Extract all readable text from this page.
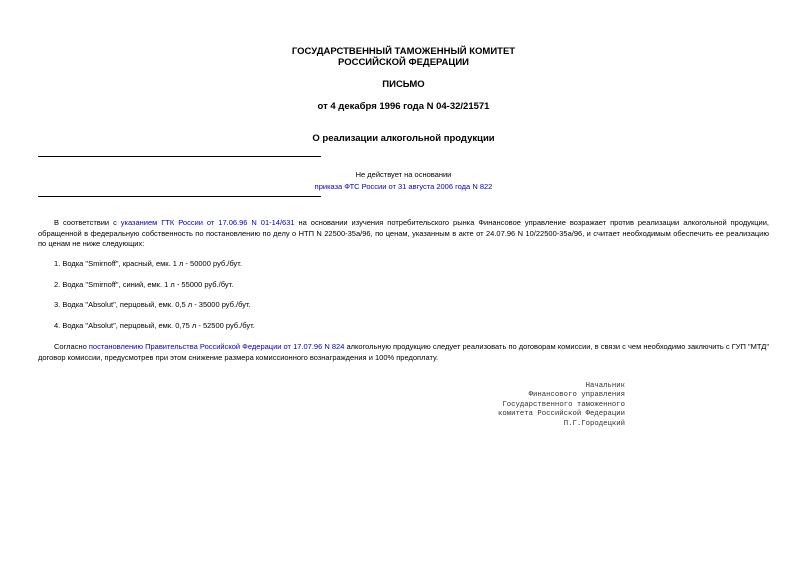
ГОСУДАРСТВЕННЫЙ ТАМОЖЕННЫЙ КОМИТЕТ
РОССИЙСКОЙ ФЕДЕРАЦИИ
ПИСЬМО
от 4 декабря 1996 года N 04-32/21571
О реализации алкогольной продукции
Не действует на основании
приказа ФТС России от 31 августа 2006 года N 822
В соответствии с указанием ГТК России от 17.06.96 N 01-14/631 на основании изучения потребительского рынка Финансовое управление возражает против реализации алкогольной продукции, обращенной в федеральную собственность по постановлению по делу о НТП N 22500-35а/96, по ценам, указанным в акте от 24.07.96 N 10/22500-35а/96, и считает необходимым обеспечить ее реализацию по ценам не ниже следующих:
1. Водка "Smirnoff", красный, емк. 1 л - 50000 руб./бут.
2. Водка "Smirnoff", синий, емк. 1 л - 55000 руб./бут.
3. Водка "Absolut", перцовый, емк. 0,5 л - 35000 руб./бут.
4. Водка "Absolut", перцовый, емк. 0,75 л - 52500 руб./бут.
Согласно постановлению Правительства Российской Федерации от 17.07.96 N 824 алкогольную продукцию следует реализовать по договорам комиссии, в связи с чем необходимо заключить с ГУП "МТД" договор комиссии, предусмотрев при этом снижение размера комиссионного вознаграждения и 100% предоплату.
Начальник
Финансового управления
Государственного таможенного
комитета Российской Федерации
П.Г.Городецкий
